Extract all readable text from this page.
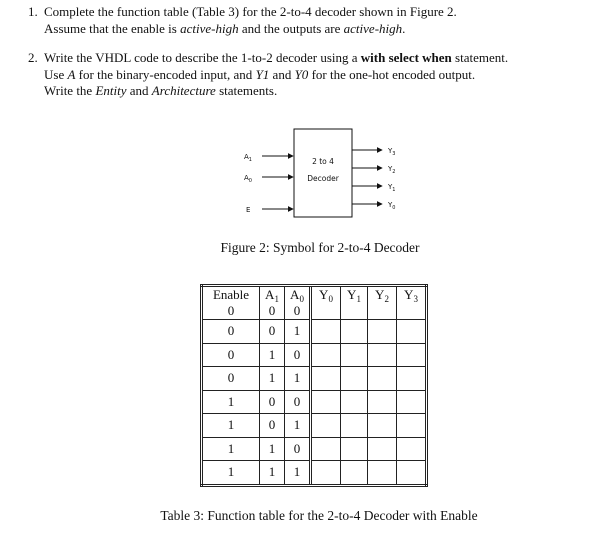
1. Complete the function table (Table 3) for the 2-to-4 decoder shown in Figure 2.
Assume that the enable is active-high and the outputs are active-high.
2. Write the VHDL code to describe the 1-to-2 decoder using a with select when statement.
Use A for the binary-encoded input, and Y1 and Y0 for the one-hot encoded output.
Write the Entity and Architecture statements.
2 to 4
Decoder
$A_1$
$A_0$
E
$Y_3$
$Y_2$
$Y_1$
$Y_0$
Figure 2: Symbol for 2-to-4 Decoder
Enable	$A_1$	$A_0$	$Y_0$	$Y_1$	$Y_2$	$Y_3$
0	0	0				
0	0	1				
0	1	0				
0	1	1				
1	0	0				
1	0	1				
1	1	0				
1	1	1				
Table 3: Function table for the 2-to-4 Decoder with Enable
